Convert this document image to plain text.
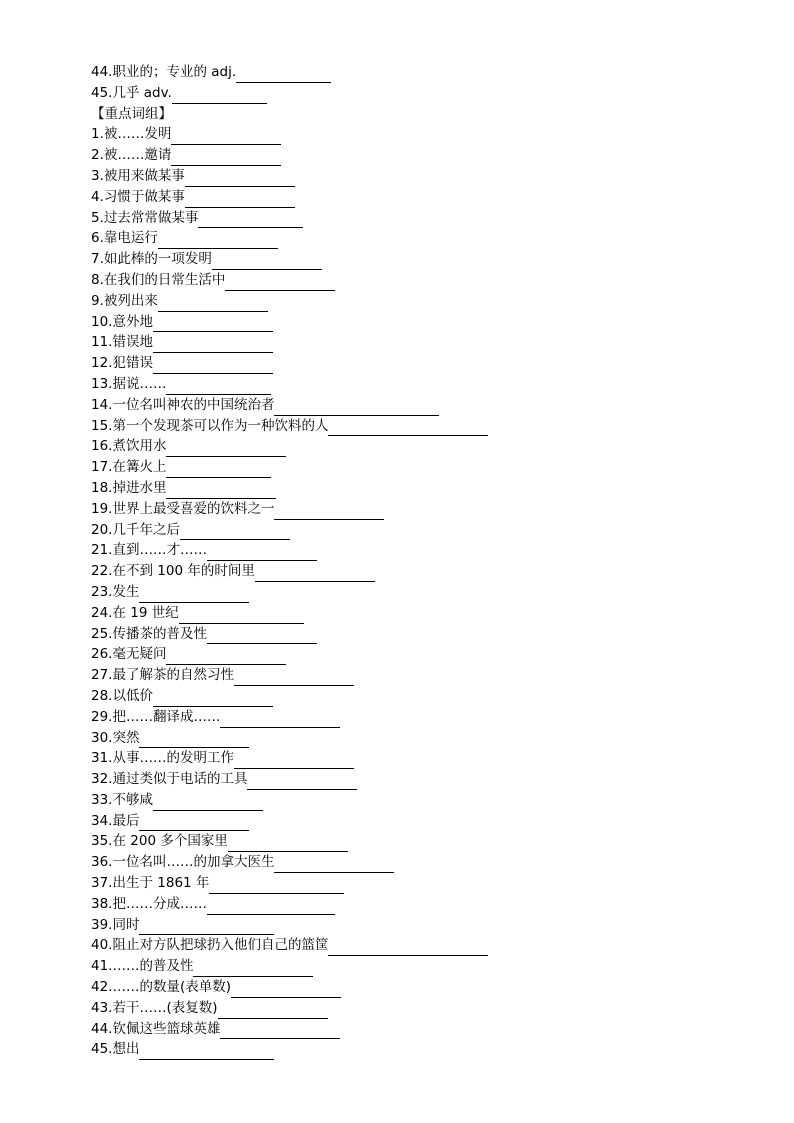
44.职业的；专业的 adj.
45.几乎 adv.
【重点词组】
1.被……发明
2.被……邀请
3.被用来做某事
4.习惯于做某事
5.过去常常做某事
6.靠电运行
7.如此棒的一项发明
8.在我们的日常生活中
9.被列出来
10.意外地
11.错误地
12.犯错误
13.据说……
14.一位名叫神农的中国统治者
15.第一个发现茶可以作为一种饮料的人
16.煮饮用水
17.在篝火上
18.掉进水里
19.世界上最受喜爱的饮料之一
20.几千年之后
21.直到……才……
22.在不到 100 年的时间里
23.发生
24.在 19 世纪
25.传播茶的普及性
26.毫无疑问
27.最了解茶的自然习性
28.以低价
29.把……翻译成……
30.突然
31.从事……的发明工作
32.通过类似于电话的工具
33.不够咸
34.最后
35.在 200 多个国家里
36.一位名叫……的加拿大医生
37.出生于 1861 年
38.把……分成……
39.同时
40.阻止对方队把球扔入他们自己的篮筐
41.……的普及性
42.……的数量(表单数)
43.若干……(表复数)
44.钦佩这些篮球英雄
45.想出
